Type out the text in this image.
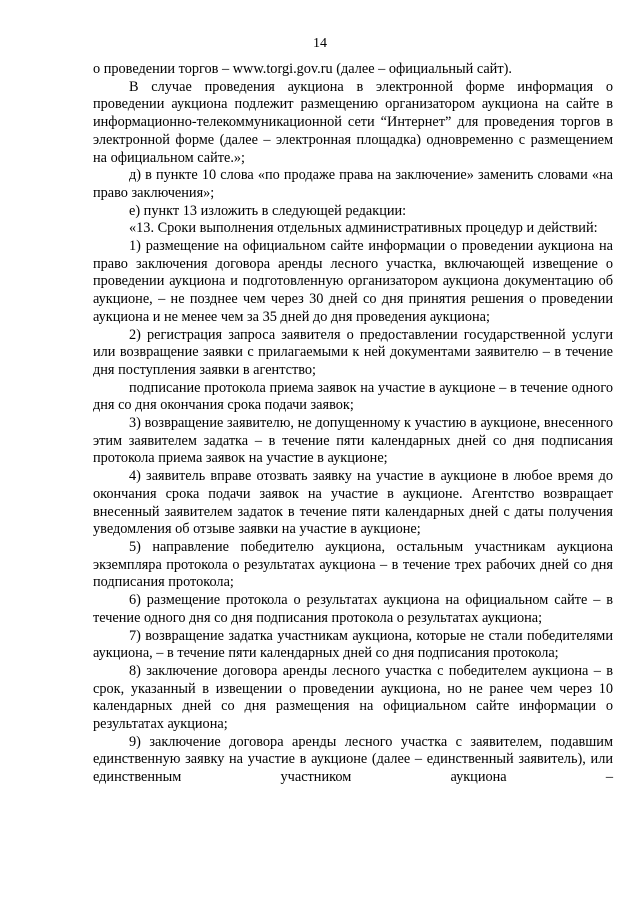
14

о проведении торгов – www.torgi.gov.ru (далее – официальный сайт).

В случае проведения аукциона в электронной форме информация о проведении аукциона подлежит размещению организатором аукциона на сайте в информационно-телекоммуникационной сети “Интернет” для проведения торгов в электронной форме (далее – электронная площадка) одновременно с размещением на официальном сайте.»;

д) в пункте 10 слова «по продаже права на заключение» заменить словами «на право заключения»;

е) пункт 13 изложить в следующей редакции:

«13. Сроки выполнения отдельных административных процедур и действий:

1) размещение на официальном сайте информации о проведении аукциона на право заключения договора аренды лесного участка, включающей извещение о проведении аукциона и подготовленную организатором аукциона документацию об аукционе, – не позднее чем через 30 дней со дня принятия решения о проведении аукциона и не менее чем за 35 дней до дня проведения аукциона;

2) регистрация запроса заявителя о предоставлении государственной услуги или возвращение заявки с прилагаемыми к ней документами заявителю – в течение дня поступления заявки в агентство;

подписание протокола приема заявок на участие в аукционе – в течение одного дня со дня окончания срока подачи заявок;

3) возвращение заявителю, не допущенному к участию в аукционе, внесенного этим заявителем задатка – в течение пяти календарных дней со дня подписания протокола приема заявок на участие в аукционе;

4) заявитель вправе отозвать заявку на участие в аукционе в любое время до окончания срока подачи заявок на участие в аукционе. Агентство возвращает внесенный заявителем задаток в течение пяти календарных дней с даты получения уведомления об отзыве заявки на участие в аукционе;

5) направление победителю аукциона, остальным участникам аукциона экземпляра протокола о результатах аукциона – в течение трех рабочих дней со дня подписания протокола;

6) размещение протокола о результатах аукциона на официальном сайте – в течение одного дня со дня подписания протокола о результатах аукциона;

7) возвращение задатка участникам аукциона, которые не стали победителями аукциона, – в течение пяти календарных дней со дня подписания протокола;

8) заключение договора аренды лесного участка с победителем аукциона – в срок, указанный в извещении о проведении аукциона, но не ранее чем через 10 календарных дней со дня размещения на официальном сайте информации о результатах аукциона;

9) заключение договора аренды лесного участка с заявителем, подавшим единственную заявку на участие в аукционе (далее – единственный заявитель), или единственным участником аукциона –
